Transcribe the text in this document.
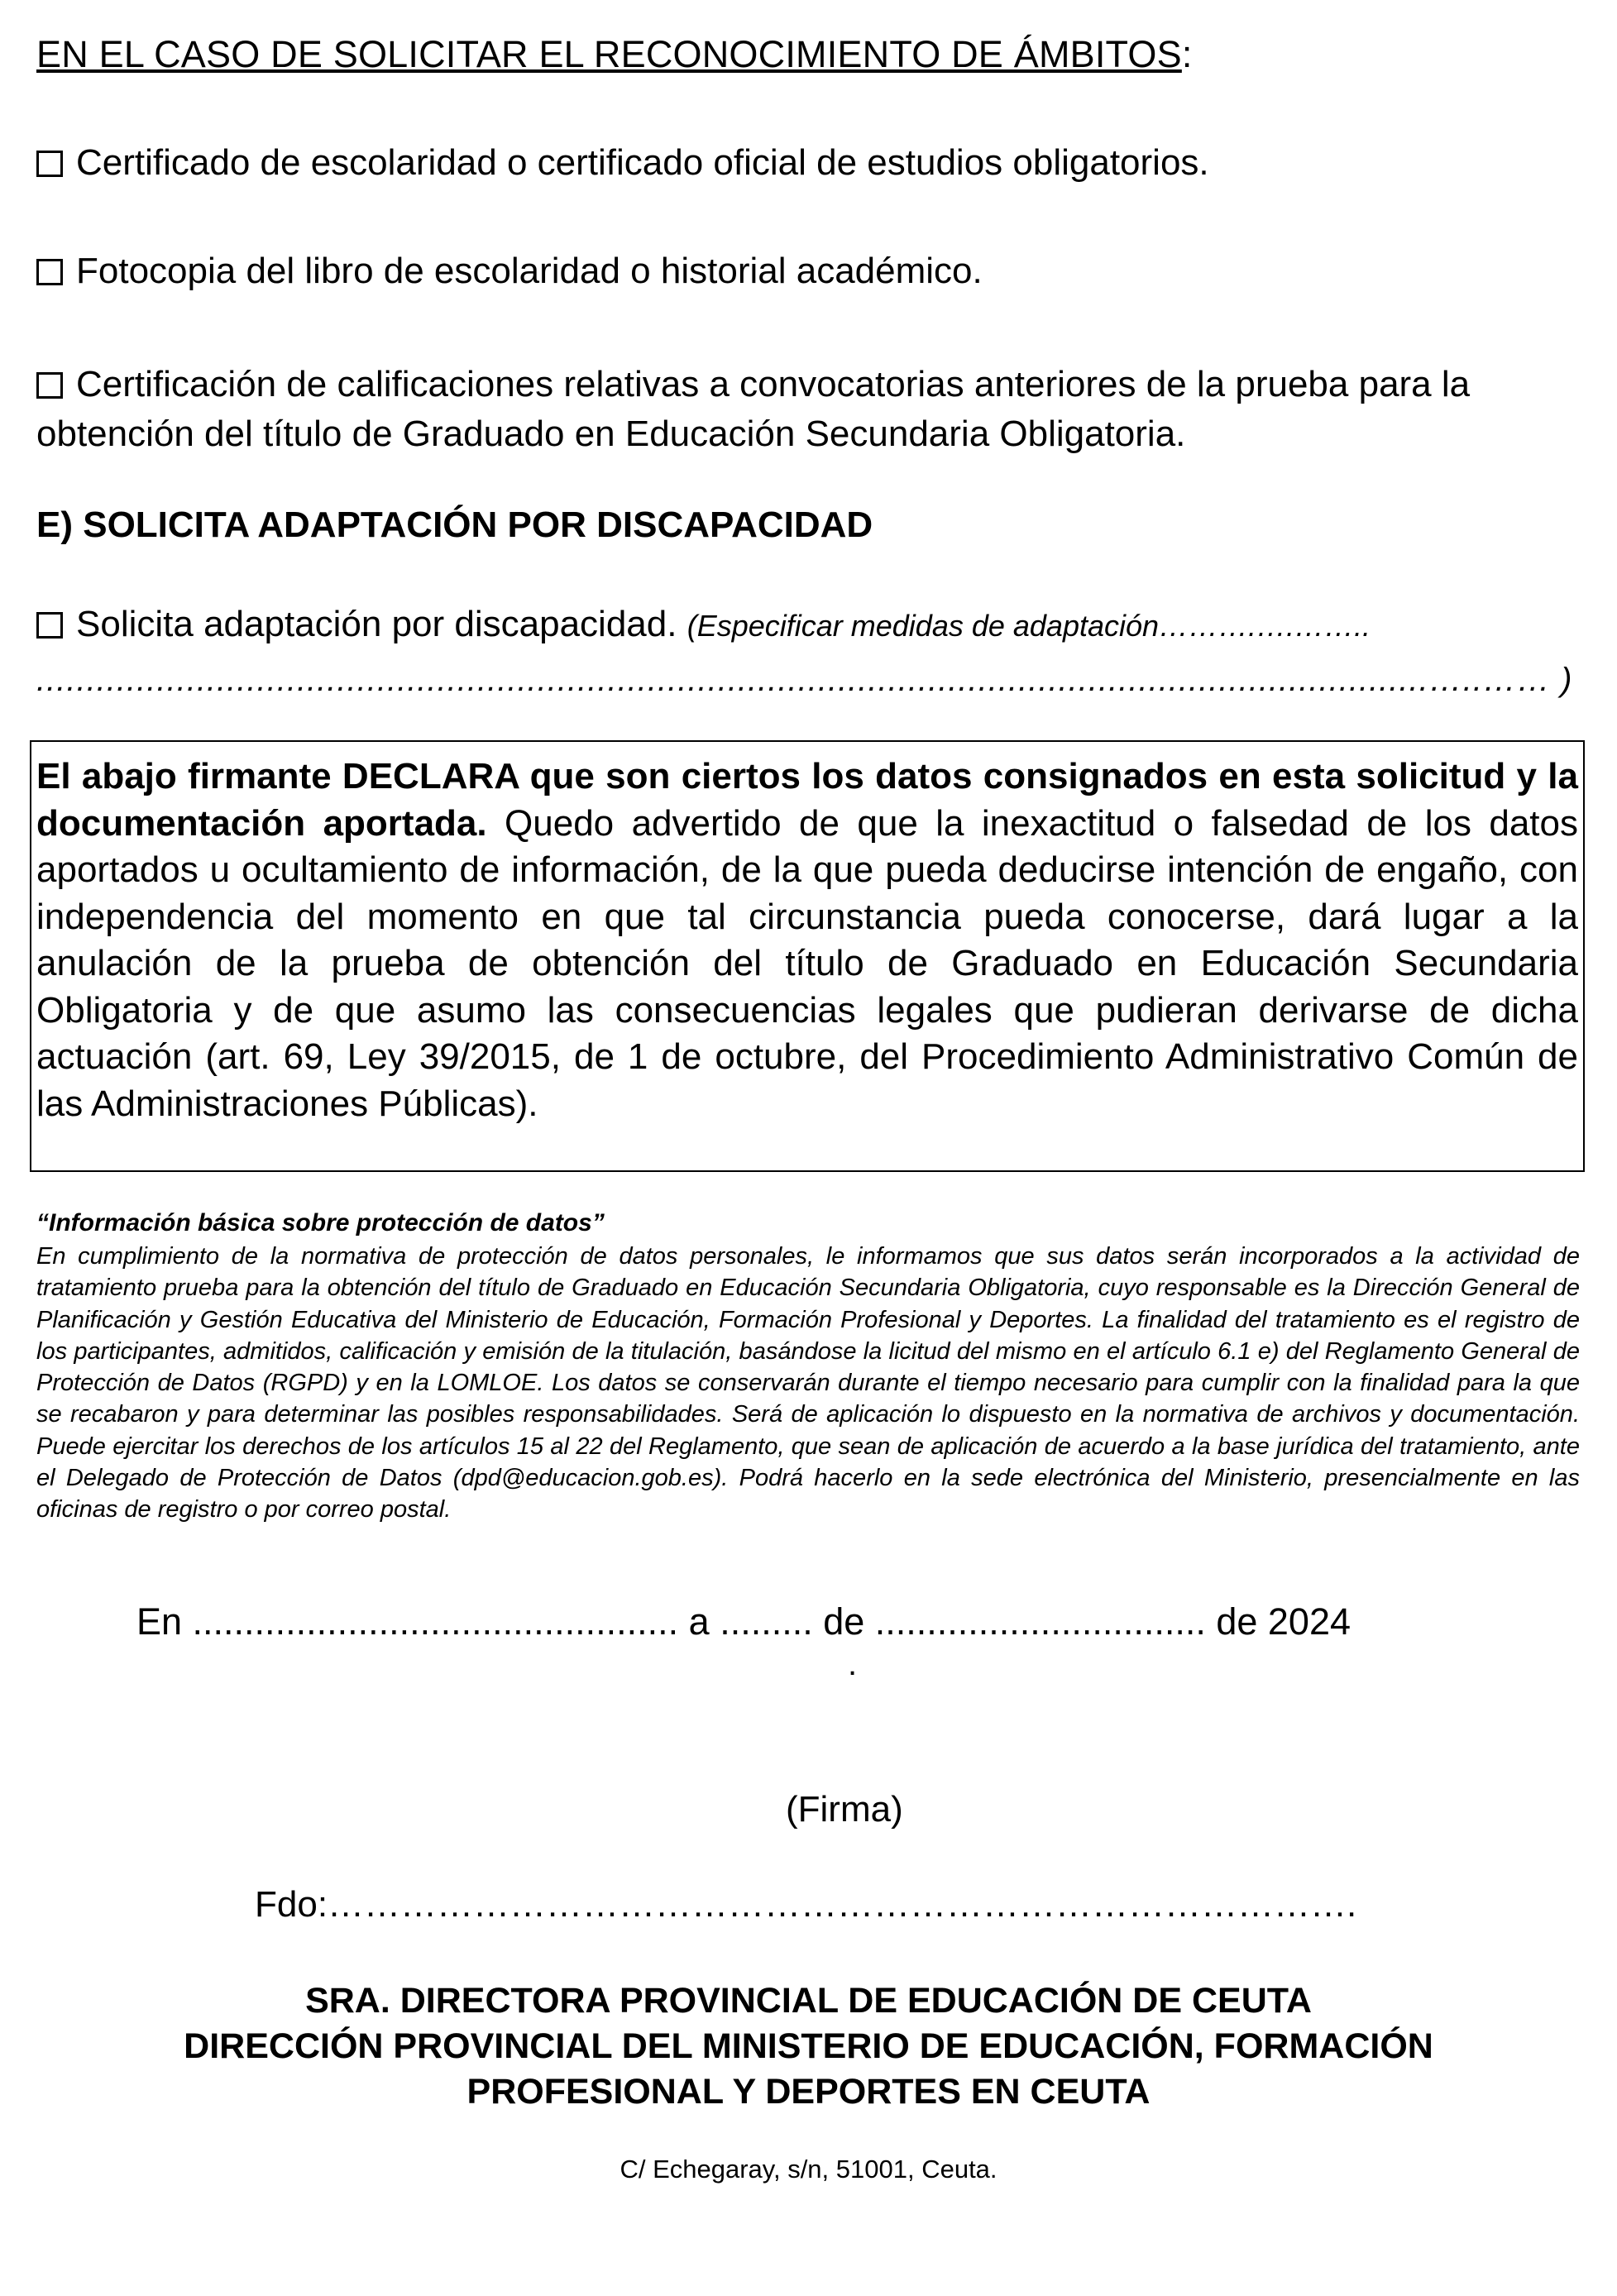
EN EL CASO DE SOLICITAR EL RECONOCIMIENTO DE ÁMBITOS:
Certificado de escolaridad o certificado oficial de estudios obligatorios.
Fotocopia del libro de escolaridad o historial académico.
Certificación de calificaciones relativas a convocatorias anteriores de la prueba para la obtención del título de Graduado en Educación Secundaria Obligatoria.
E) SOLICITA ADAPTACIÓN POR DISCAPACIDAD
Solicita adaptación por discapacidad. (Especificar medidas de adaptación……….….……..
...........................................................................................................................................…..…… )
El abajo firmante DECLARA que son ciertos los datos consignados en esta solicitud y la documentación aportada. Quedo advertido de que la inexactitud o falsedad de los datos aportados u ocultamiento de información, de la que pueda deducirse intención de engaño, con independencia del momento en que tal circunstancia pueda conocerse, dará lugar a la anulación de la prueba de obtención del título de Graduado en Educación Secundaria Obligatoria y de que asumo las consecuencias legales que pudieran derivarse de dicha actuación (art. 69, Ley 39/2015, de 1 de octubre, del Procedimiento Administrativo Común de las Administraciones Públicas).
“Información básica sobre protección de datos”
En cumplimiento de la normativa de protección de datos personales, le informamos que sus datos serán incorporados a la actividad de tratamiento prueba para la obtención del título de Graduado en Educación Secundaria Obligatoria, cuyo responsable es la Dirección General de Planificación y Gestión Educativa del Ministerio de Educación, Formación Profesional y Deportes. La finalidad del tratamiento es el registro de los participantes, admitidos, calificación y emisión de la titulación, basándose la licitud del mismo en el artículo 6.1 e) del Reglamento General de Protección de Datos (RGPD) y en la LOMLOE. Los datos se conservarán durante el tiempo necesario para cumplir con la finalidad para la que se recabaron y para determinar las posibles responsabilidades. Será de aplicación lo dispuesto en la normativa de archivos y documentación. Puede ejercitar los derechos de los artículos 15 al 22 del Reglamento, que sean de aplicación de acuerdo a la base jurídica del tratamiento, ante el Delegado de Protección de Datos (dpd@educacion.gob.es). Podrá hacerlo en la sede electrónica del Ministerio, presencialmente en las oficinas de registro o por correo postal.
En ............................................... a ......... de ................................ de 2024
.
(Firma)
Fdo:………………………………………………………………………….
SRA. DIRECTORA PROVINCIAL DE EDUCACIÓN DE CEUTA
DIRECCIÓN PROVINCIAL DEL MINISTERIO DE EDUCACIÓN, FORMACIÓN
PROFESIONAL Y DEPORTES EN CEUTA
C/ Echegaray, s/n, 51001, Ceuta.
